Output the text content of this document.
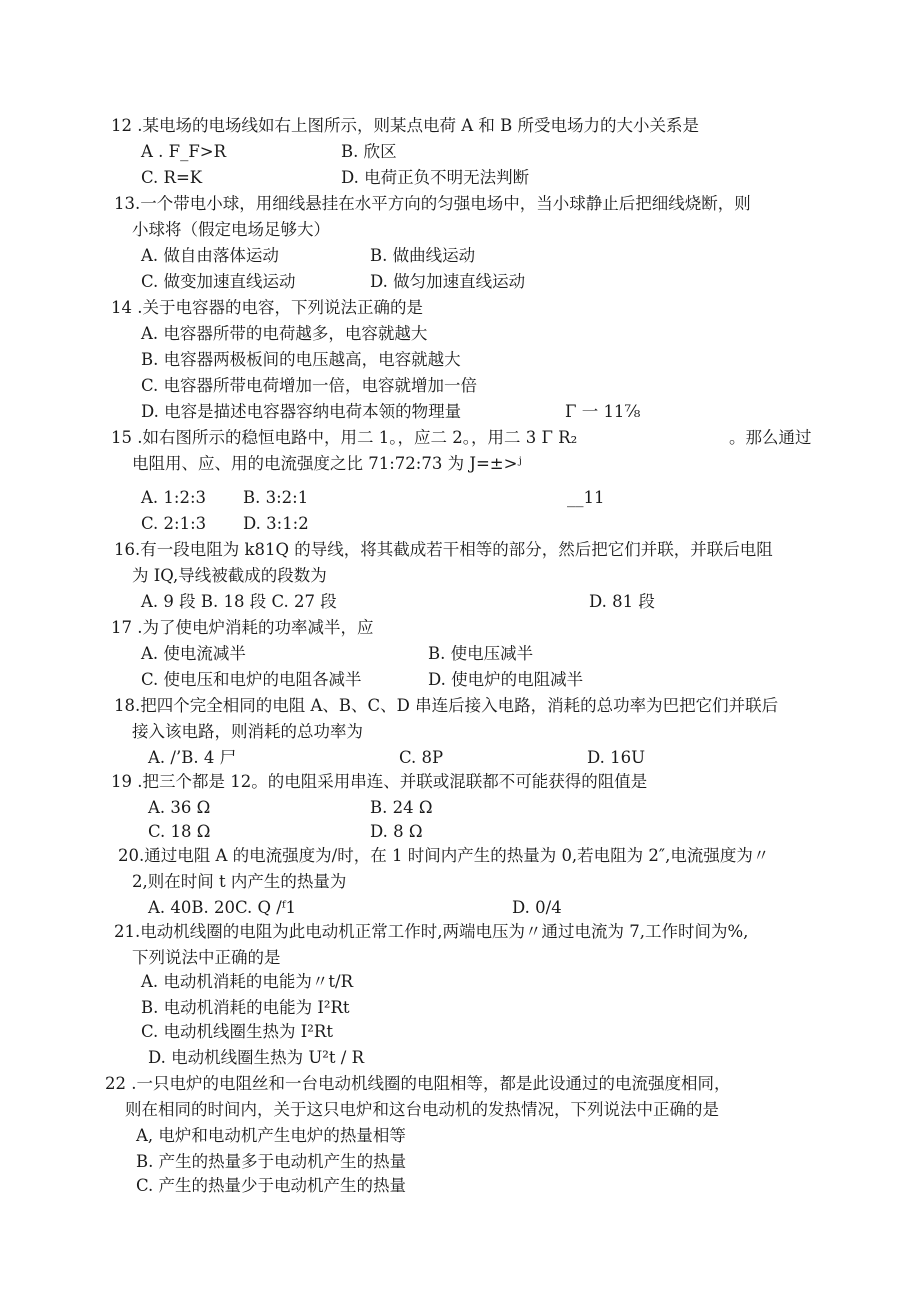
12 .某电场的电场线如右上图所示，则某点电荷 A 和 B 所受电场力的大小关系是
A . F_F>R	B. 欣区
C. R=K	D. 电荷正负不明无法判断
13.一个带电小球，用细线悬挂在水平方向的匀强电场中，当小球静止后把细线烧断，则
小球将（假定电场足够大）
A. 做自由落体运动	B. 做曲线运动
C. 做变加速直线运动	D. 做匀加速直线运动
14 .关于电容器的电容，下列说法正确的是
A. 电容器所带的电荷越多，电容就越大
B. 电容器两极板间的电压越高，电容就越大
C. 电容器所带电荷增加一倍，电容就增加一倍
D. 电容是描述电容器容纳电荷本领的物理量	Γ 一 11⅞
15 .如右图所示的稳恒电路中，用二 1。，应二 2。，用二 3 Γ R₂	。那么通过
电阻用、应、用的电流强度之比 71:72:73 为 J=±>ʲ
A. 1:2:3 B. 3:2:1	__11
C. 2:1:3 D. 3:1:2
16.有一段电阻为 k81Q 的导线，将其截成若干相等的部分，然后把它们并联，并联后电阻
为 IQ,导线被截成的段数为
A. 9 段 B. 18 段 C. 27 段	D. 81 段
17 .为了使电炉消耗的功率减半，应
A. 使电流减半	B. 使电压减半
C. 使电压和电炉的电阻各减半	D. 使电炉的电阻减半
18.把四个完全相同的电阻 A、B、C、D 串连后接入电路，消耗的总功率为巴把它们并联后
接入该电路，则消耗的总功率为
A. /’B. 4 尸	C. 8P	D. 16U
19 .把三个都是 12。的电阻采用串连、并联或混联都不可能获得的阻值是
A. 36 Ω	B. 24 Ω
C. 18 Ω	D. 8 Ω
20.通过电阻 A 的电流强度为/时，在 1 时间内产生的热量为 0,若电阻为 2″,电流强度为〃
2,则在时间 t 内产生的热量为
A. 40B. 20C. Q /ᶠ1	D. 0/4
21.电动机线圈的电阻为此电动机正常工作时,两端电压为〃通过电流为 7,工作时间为%,
下列说法中正确的是
A. 电动机消耗的电能为〃t/R
B. 电动机消耗的电能为 I²Rt
C. 电动机线圈生热为 I²Rt
D. 电动机线圈生热为 U²t / R
22 .一只电炉的电阻丝和一台电动机线圈的电阻相等，都是此设通过的电流强度相同，
则在相同的时间内，关于这只电炉和这台电动机的发热情况，下列说法中正确的是
A, 电炉和电动机产生电炉的热量相等
B. 产生的热量多于电动机产生的热量
C. 产生的热量少于电动机产生的热量
